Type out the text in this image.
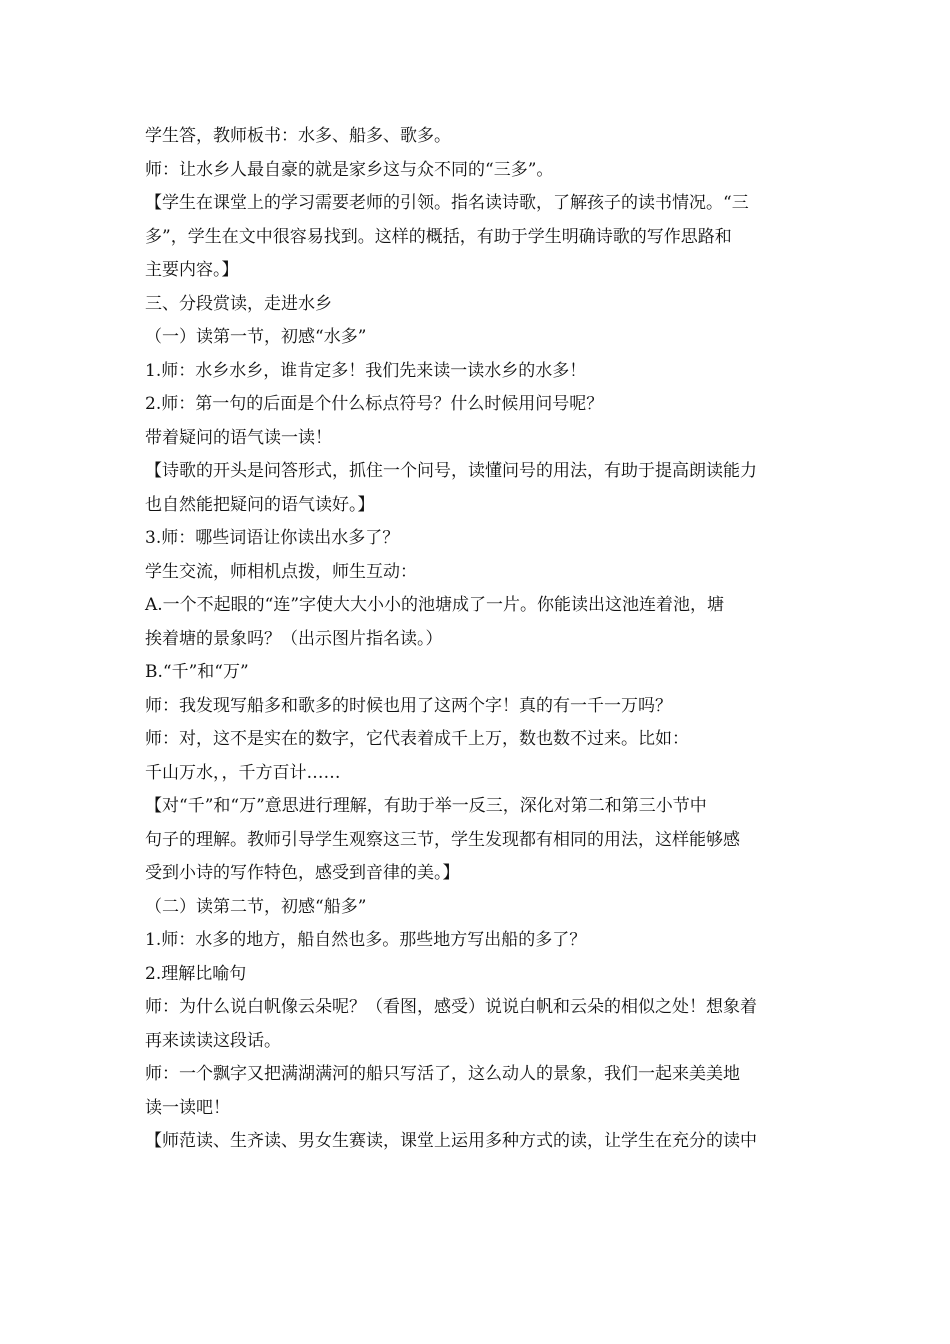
学生答，教师板书：水多、船多、歌多。
师：让水乡人最自豪的就是家乡这与众不同的“三多”。
【学生在课堂上的学习需要老师的引领。指名读诗歌，了解孩子的读书情况。“三
多”，学生在文中很容易找到。这样的概括，有助于学生明确诗歌的写作思路和
主要内容。】
三、分段赏读，走进水乡
（一）读第一节，初感“水多”
1.师：水乡水乡，谁肯定多！我们先来读一读水乡的水多！
2.师：第一句的后面是个什么标点符号？什么时候用问号呢？
带着疑问的语气读一读！
【诗歌的开头是问答形式，抓住一个问号，读懂问号的用法，有助于提高朗读能力
也自然能把疑问的语气读好。】
3.师：哪些词语让你读出水多了？
学生交流，师相机点拨，师生互动：
A.一个不起眼的“连”字使大大小小的池塘成了一片。你能读出这池连着池，塘
挨着塘的景象吗？（出示图片指名读。）
B.“千”和“万”
师：我发现写船多和歌多的时候也用了这两个字！真的有一千一万吗？
师：对，这不是实在的数字，它代表着成千上万，数也数不过来。比如：
千山万水，，千方百计……
【对“千”和“万”意思进行理解，有助于举一反三，深化对第二和第三小节中
句子的理解。教师引导学生观察这三节，学生发现都有相同的用法，这样能够感
受到小诗的写作特色，感受到音律的美。】
（二）读第二节，初感“船多”
1.师：水多的地方，船自然也多。那些地方写出船的多了？
2.理解比喻句
师：为什么说白帆像云朵呢？（看图，感受）说说白帆和云朵的相似之处！想象着
再来读读这段话。
师：一个飘字又把满湖满河的船只写活了，这么动人的景象，我们一起来美美地
读一读吧！
【师范读、生齐读、男女生赛读，课堂上运用多种方式的读，让学生在充分的读中
